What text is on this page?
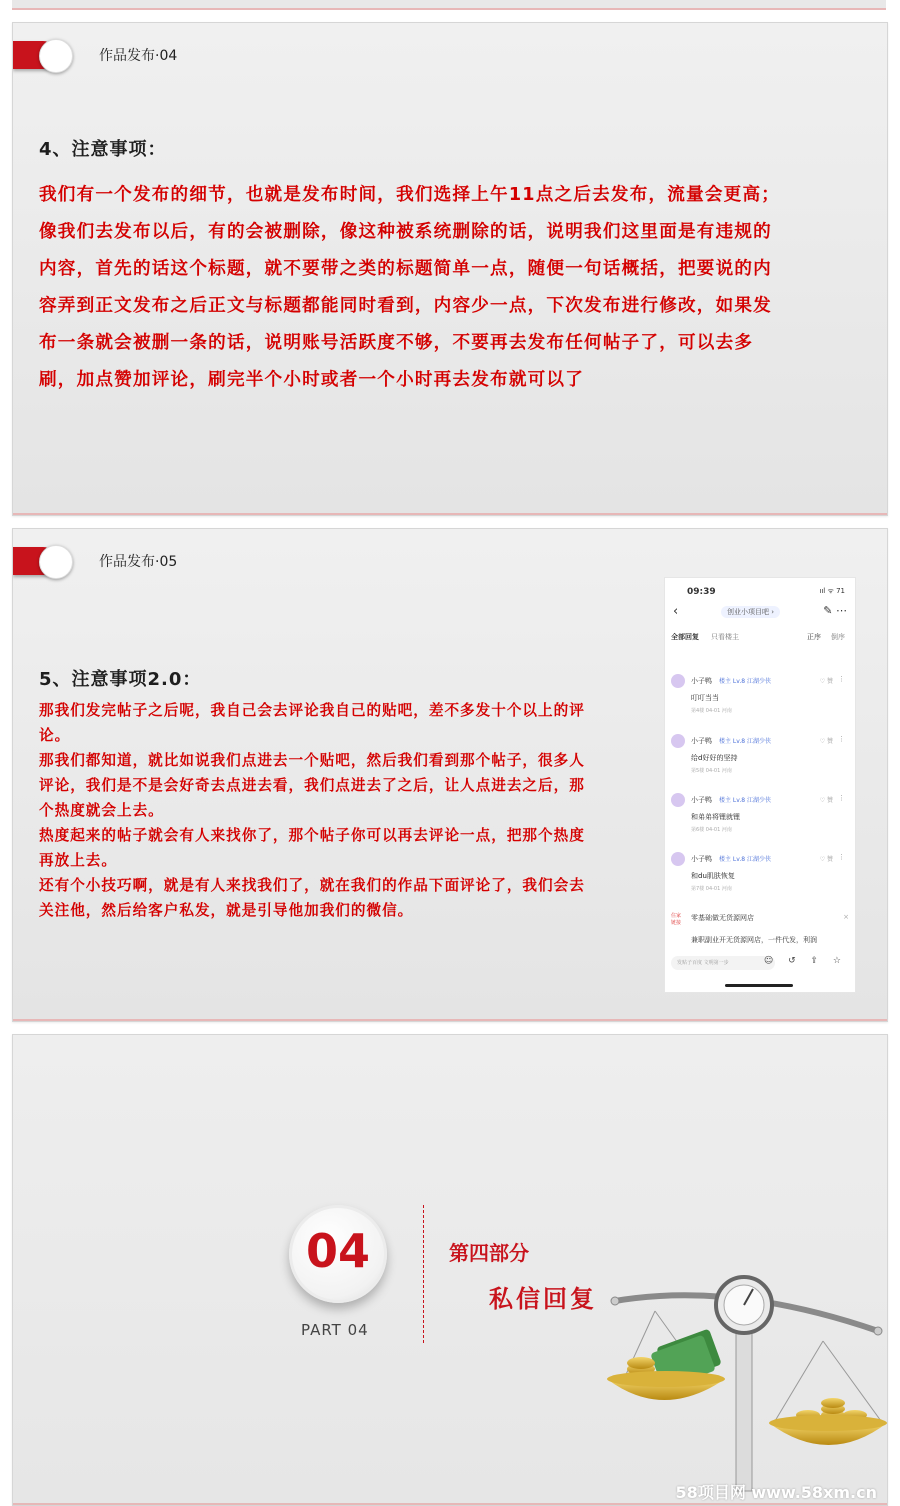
作品发布·04
4、注意事项：
我们有一个发布的细节，也就是发布时间，我们选择上午11点之后去发布，流量会更高；
像我们去发布以后，有的会被删除，像这种被系统删除的话，说明我们这里面是有违规的
内容，首先的话这个标题，就不要带之类的标题简单一点，随便一句话概括，把要说的内
容弄到正文发布之后正文与标题都能同时看到，内容少一点，下次发布进行修改，如果发
布一条就会被删一条的话，说明账号活跃度不够，不要再去发布任何帖子了，可以去多
刷，加点赞加评论，刷完半个小时或者一个小时再去发布就可以了
作品发布·05
5、注意事项2.0：
那我们发完帖子之后呢，我自己会去评论我自己的贴吧，差不多发十个以上的评
论。
那我们都知道，就比如说我们点进去一个贴吧，然后我们看到那个帖子，很多人
评论，我们是不是会好奇去点进去看，我们点进去了之后，让人点进去之后，那
个热度就会上去。
热度起来的帖子就会有人来找你了，那个帖子你可以再去评论一点，把那个热度
再放上去。
还有个小技巧啊，就是有人来找我们了，就在我们的作品下面评论了，我们会去
关注他，然后给客户私发，就是引导他加我们的微信。
09:39	ııl ᯤ 71
‹	创业小项目吧 ›	✎ ⋯
全部回复 只看楼主	正序 倒序
小子鸭 楼主 Lv.8 江湖少侠	♡ 赞 ⋮
叮叮当当
第4楼 04-01 河南
小子鸭 楼主 Lv.8 江湖少侠	♡ 赞 ⋮
给d好好的坚持
第5楼 04-01 河南
小子鸭 楼主 Lv.8 江湖少侠	♡ 赞 ⋮
和弟弟将锂就锂
第6楼 04-01 河南
小子鸭 楼主 Lv.8 江湖少侠	♡ 赞 ⋮
和du肌肤恢复
第7楼 04-01 河南
住家链接
零基础做无货源网店
兼职副业开无货源网店，一件代发，利润
×
发贴子百度 文明第一步	☺ ↺ ⇪ ☆
04
PART 04
第四部分
私信回复
58项目网 www.58xm.cn
